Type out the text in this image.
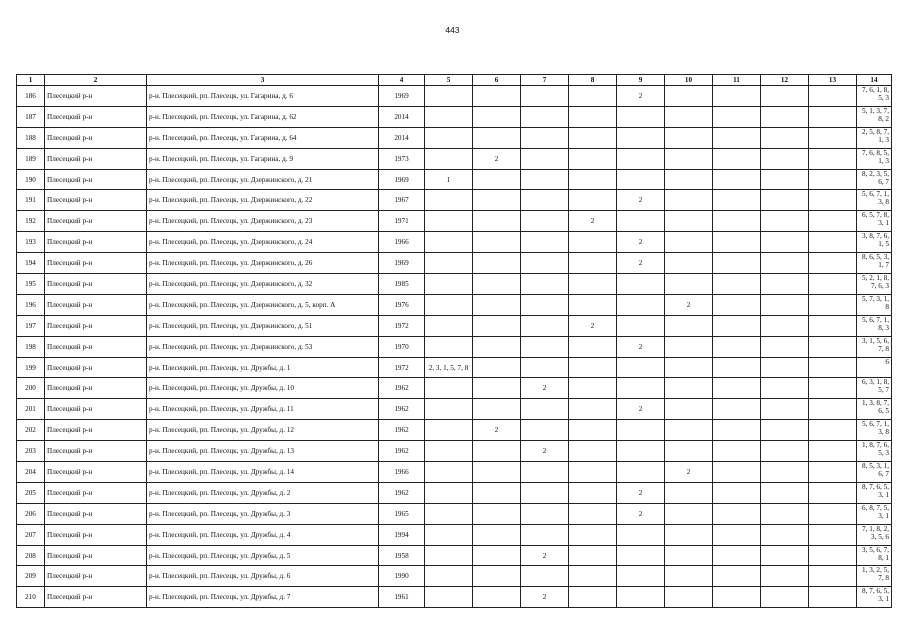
443
1	2	3	4	5	6	7	8	9	10	11	12	13	14
186	Плесецкий р-н	р-н. Плесецкий, рп. Плесецк, ул. Гагарина, д. 6	1969					2					7, 6, 1, 8, 5, 3
187	Плесецкий р-н	р-н. Плесецкий, рп. Плесецк, ул. Гагарина, д. 62	2014										5, 1, 3, 7, 8, 2
188	Плесецкий р-н	р-н. Плесецкий, рп. Плесецк, ул. Гагарина, д. 64	2014										2, 5, 8, 7, 1, 3
189	Плесецкий р-н	р-н. Плесецкий, рп. Плесецк, ул. Гагарина, д. 9	1973		2								7, 6, 8, 5, 1, 3
190	Плесецкий р-н	р-н. Плесецкий, рп. Плесецк, ул. Дзержинского, д. 21	1969	1									8, 2, 3, 5, 6, 7
191	Плесецкий р-н	р-н. Плесецкий, рп. Плесецк, ул. Дзержинского, д. 22	1967					2					5, 6, 7, 1, 3, 8
192	Плесецкий р-н	р-н. Плесецкий, рп. Плесецк, ул. Дзержинского, д. 23	1971				2						6, 5, 7, 8, 3, 1
193	Плесецкий р-н	р-н. Плесецкий, рп. Плесецк, ул. Дзержинского, д. 24	1966					2					3, 8, 7, 6, 1, 5
194	Плесецкий р-н	р-н. Плесецкий, рп. Плесецк, ул. Дзержинского, д. 26	1969					2					8, 6, 5, 3, 1, 7
195	Плесецкий р-н	р-н. Плесецкий, рп. Плесецк, ул. Дзержинского, д. 32	1985										5, 2, 1, 8, 7, 6, 3
196	Плесецкий р-н	р-н. Плесецкий, рп. Плесецк, ул. Дзержинского, д. 5, корп. А	1976						2				5, 7, 3, 1, 8
197	Плесецкий р-н	р-н. Плесецкий, рп. Плесецк, ул. Дзержинского, д. 51	1972				2						5, 6, 7, 1, 8, 3
198	Плесецкий р-н	р-н. Плесецкий, рп. Плесецк, ул. Дзержинского, д. 53	1970					2					3, 1, 5, 6, 7, 8
199	Плесецкий р-н	р-н. Плесецкий, рп. Плесецк, ул. Дружбы, д. 1	1972	2, 3, 1, 5, 7, 8									6
200	Плесецкий р-н	р-н. Плесецкий, рп. Плесецк, ул. Дружбы, д. 10	1962			2							6, 3, 1, 8, 5, 7
201	Плесецкий р-н	р-н. Плесецкий, рп. Плесецк, ул. Дружбы, д. 11	1962					2					1, 3, 8, 7, 6, 5
202	Плесецкий р-н	р-н. Плесецкий, рп. Плесецк, ул. Дружбы, д. 12	1962		2								5, 6, 7, 1, 3, 8
203	Плесецкий р-н	р-н. Плесецкий, рп. Плесецк, ул. Дружбы, д. 13	1962			2							1, 8, 7, 6, 5, 3
204	Плесецкий р-н	р-н. Плесецкий, рп. Плесецк, ул. Дружбы, д. 14	1966						2				8, 5, 3, 1, 6, 7
205	Плесецкий р-н	р-н. Плесецкий, рп. Плесецк, ул. Дружбы, д. 2	1962					2					8, 7, 6, 5, 3, 1
206	Плесецкий р-н	р-н. Плесецкий, рп. Плесецк, ул. Дружбы, д. 3	1965					2					6, 8, 7, 5, 3, 1
207	Плесецкий р-н	р-н. Плесецкий, рп. Плесецк, ул. Дружбы, д. 4	1994										7, 1, 8, 2, 3, 5, 6
208	Плесецкий р-н	р-н. Плесецкий, рп. Плесецк, ул. Дружбы, д. 5	1958			2							3, 5, 6, 7, 8, 1
209	Плесецкий р-н	р-н. Плесецкий, рп. Плесецк, ул. Дружбы, д. 6	1990										1, 3, 2, 5, 7, 8
210	Плесецкий р-н	р-н. Плесецкий, рп. Плесецк, ул. Дружбы, д. 7	1961			2							8, 7, 6, 5, 3, 1
